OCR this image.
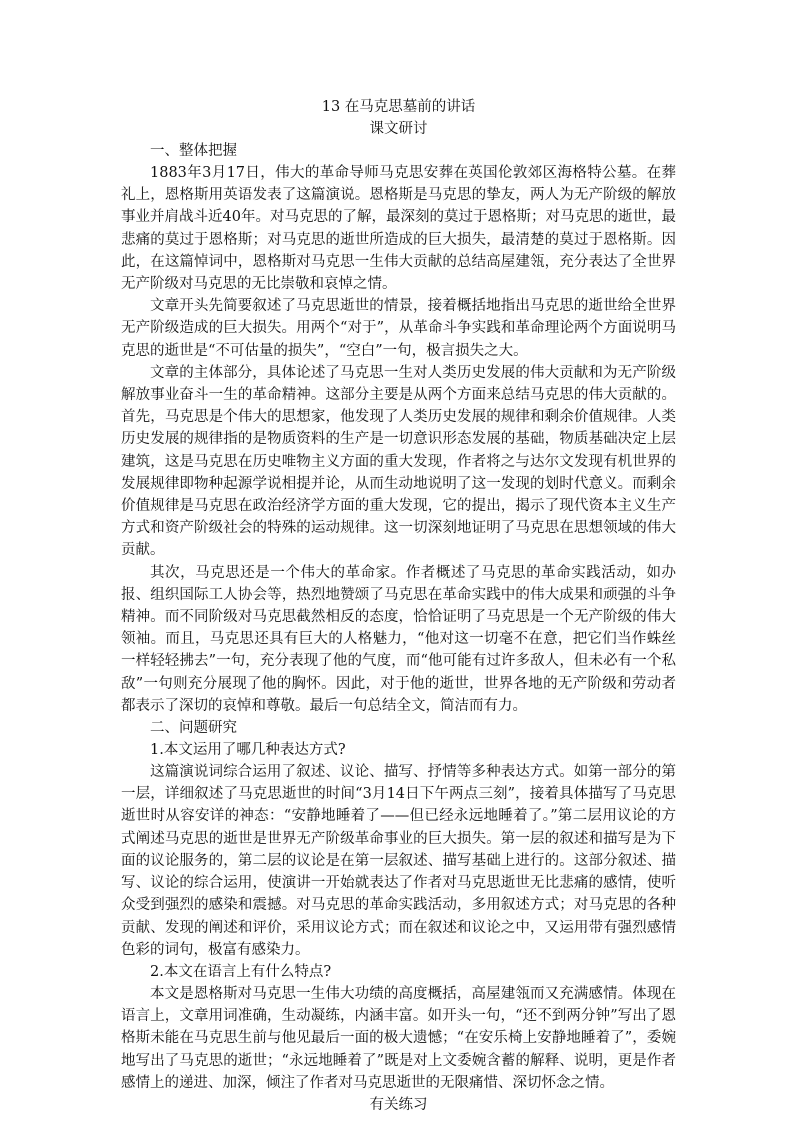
13 在马克思墓前的讲话
课文研讨

一、整体把握

1883年3月17日，伟大的革命导师马克思安葬在英国伦敦郊区海格特公墓。在葬礼上，恩格斯用英语发表了这篇演说。恩格斯是马克思的挚友，两人为无产阶级的解放事业并肩战斗近40年。对马克思的了解，最深刻的莫过于恩格斯；对马克思的逝世，最悲痛的莫过于恩格斯；对马克思的逝世所造成的巨大损失，最清楚的莫过于恩格斯。因此，在这篇悼词中，恩格斯对马克思一生伟大贡献的总结高屋建瓴，充分表达了全世界无产阶级对马克思的无比崇敬和哀悼之情。

文章开头先简要叙述了马克思逝世的情景，接着概括地指出马克思的逝世给全世界无产阶级造成的巨大损失。用两个“对于”，从革命斗争实践和革命理论两个方面说明马克思的逝世是“不可估量的损失”，“空白”一句，极言损失之大。

文章的主体部分，具体论述了马克思一生对人类历史发展的伟大贡献和为无产阶级解放事业奋斗一生的革命精神。这部分主要是从两个方面来总结马克思的伟大贡献的。首先，马克思是个伟大的思想家，他发现了人类历史发展的规律和剩余价值规律。人类历史发展的规律指的是物质资料的生产是一切意识形态发展的基础，物质基础决定上层建筑，这是马克思在历史唯物主义方面的重大发现，作者将之与达尔文发现有机世界的发展规律即物种起源学说相提并论，从而生动地说明了这一发现的划时代意义。而剩余价值规律是马克思在政治经济学方面的重大发现，它的提出，揭示了现代资本主义生产方式和资产阶级社会的特殊的运动规律。这一切深刻地证明了马克思在思想领域的伟大贡献。

其次，马克思还是一个伟大的革命家。作者概述了马克思的革命实践活动，如办报、组织国际工人协会等，热烈地赞颂了马克思在革命实践中的伟大成果和顽强的斗争精神。而不同阶级对马克思截然相反的态度，恰恰证明了马克思是一个无产阶级的伟大领袖。而且，马克思还具有巨大的人格魅力，“他对这一切毫不在意，把它们当作蛛丝一样轻轻拂去”一句，充分表现了他的气度，而“他可能有过许多敌人，但未必有一个私敌”一句则充分展现了他的胸怀。因此，对于他的逝世，世界各地的无产阶级和劳动者都表示了深切的哀悼和尊敬。最后一句总结全文，简洁而有力。

二、问题研究

1.本文运用了哪几种表达方式?

这篇演说词综合运用了叙述、议论、描写、抒情等多种表达方式。如第一部分的第一层，详细叙述了马克思逝世的时间“3月14日下午两点三刻”，接着具体描写了马克思逝世时从容安详的神态：“安静地睡着了——但已经永远地睡着了。”第二层用议论的方式阐述马克思的逝世是世界无产阶级革命事业的巨大损失。第一层的叙述和描写是为下面的议论服务的，第二层的议论是在第一层叙述、描写基础上进行的。这部分叙述、描写、议论的综合运用，使演讲一开始就表达了作者对马克思逝世无比悲痛的感情，使听众受到强烈的感染和震撼。对马克思的革命实践活动，多用叙述方式；对马克思的各种贡献、发现的阐述和评价，采用议论方式；而在叙述和议论之中，又运用带有强烈感情色彩的词句，极富有感染力。

2.本文在语言上有什么特点?

本文是恩格斯对马克思一生伟大功绩的高度概括，高屋建瓴而又充满感情。体现在语言上，文章用词准确，生动凝练，内涵丰富。如开头一句，“还不到两分钟”写出了恩格斯未能在马克思生前与他见最后一面的极大遗憾；“在安乐椅上安静地睡着了”，委婉地写出了马克思的逝世；“永远地睡着了”既是对上文委婉含蓄的解释、说明，更是作者感情上的递进、加深，倾注了作者对马克思逝世的无限痛惜、深切怀念之情。

有关练习
